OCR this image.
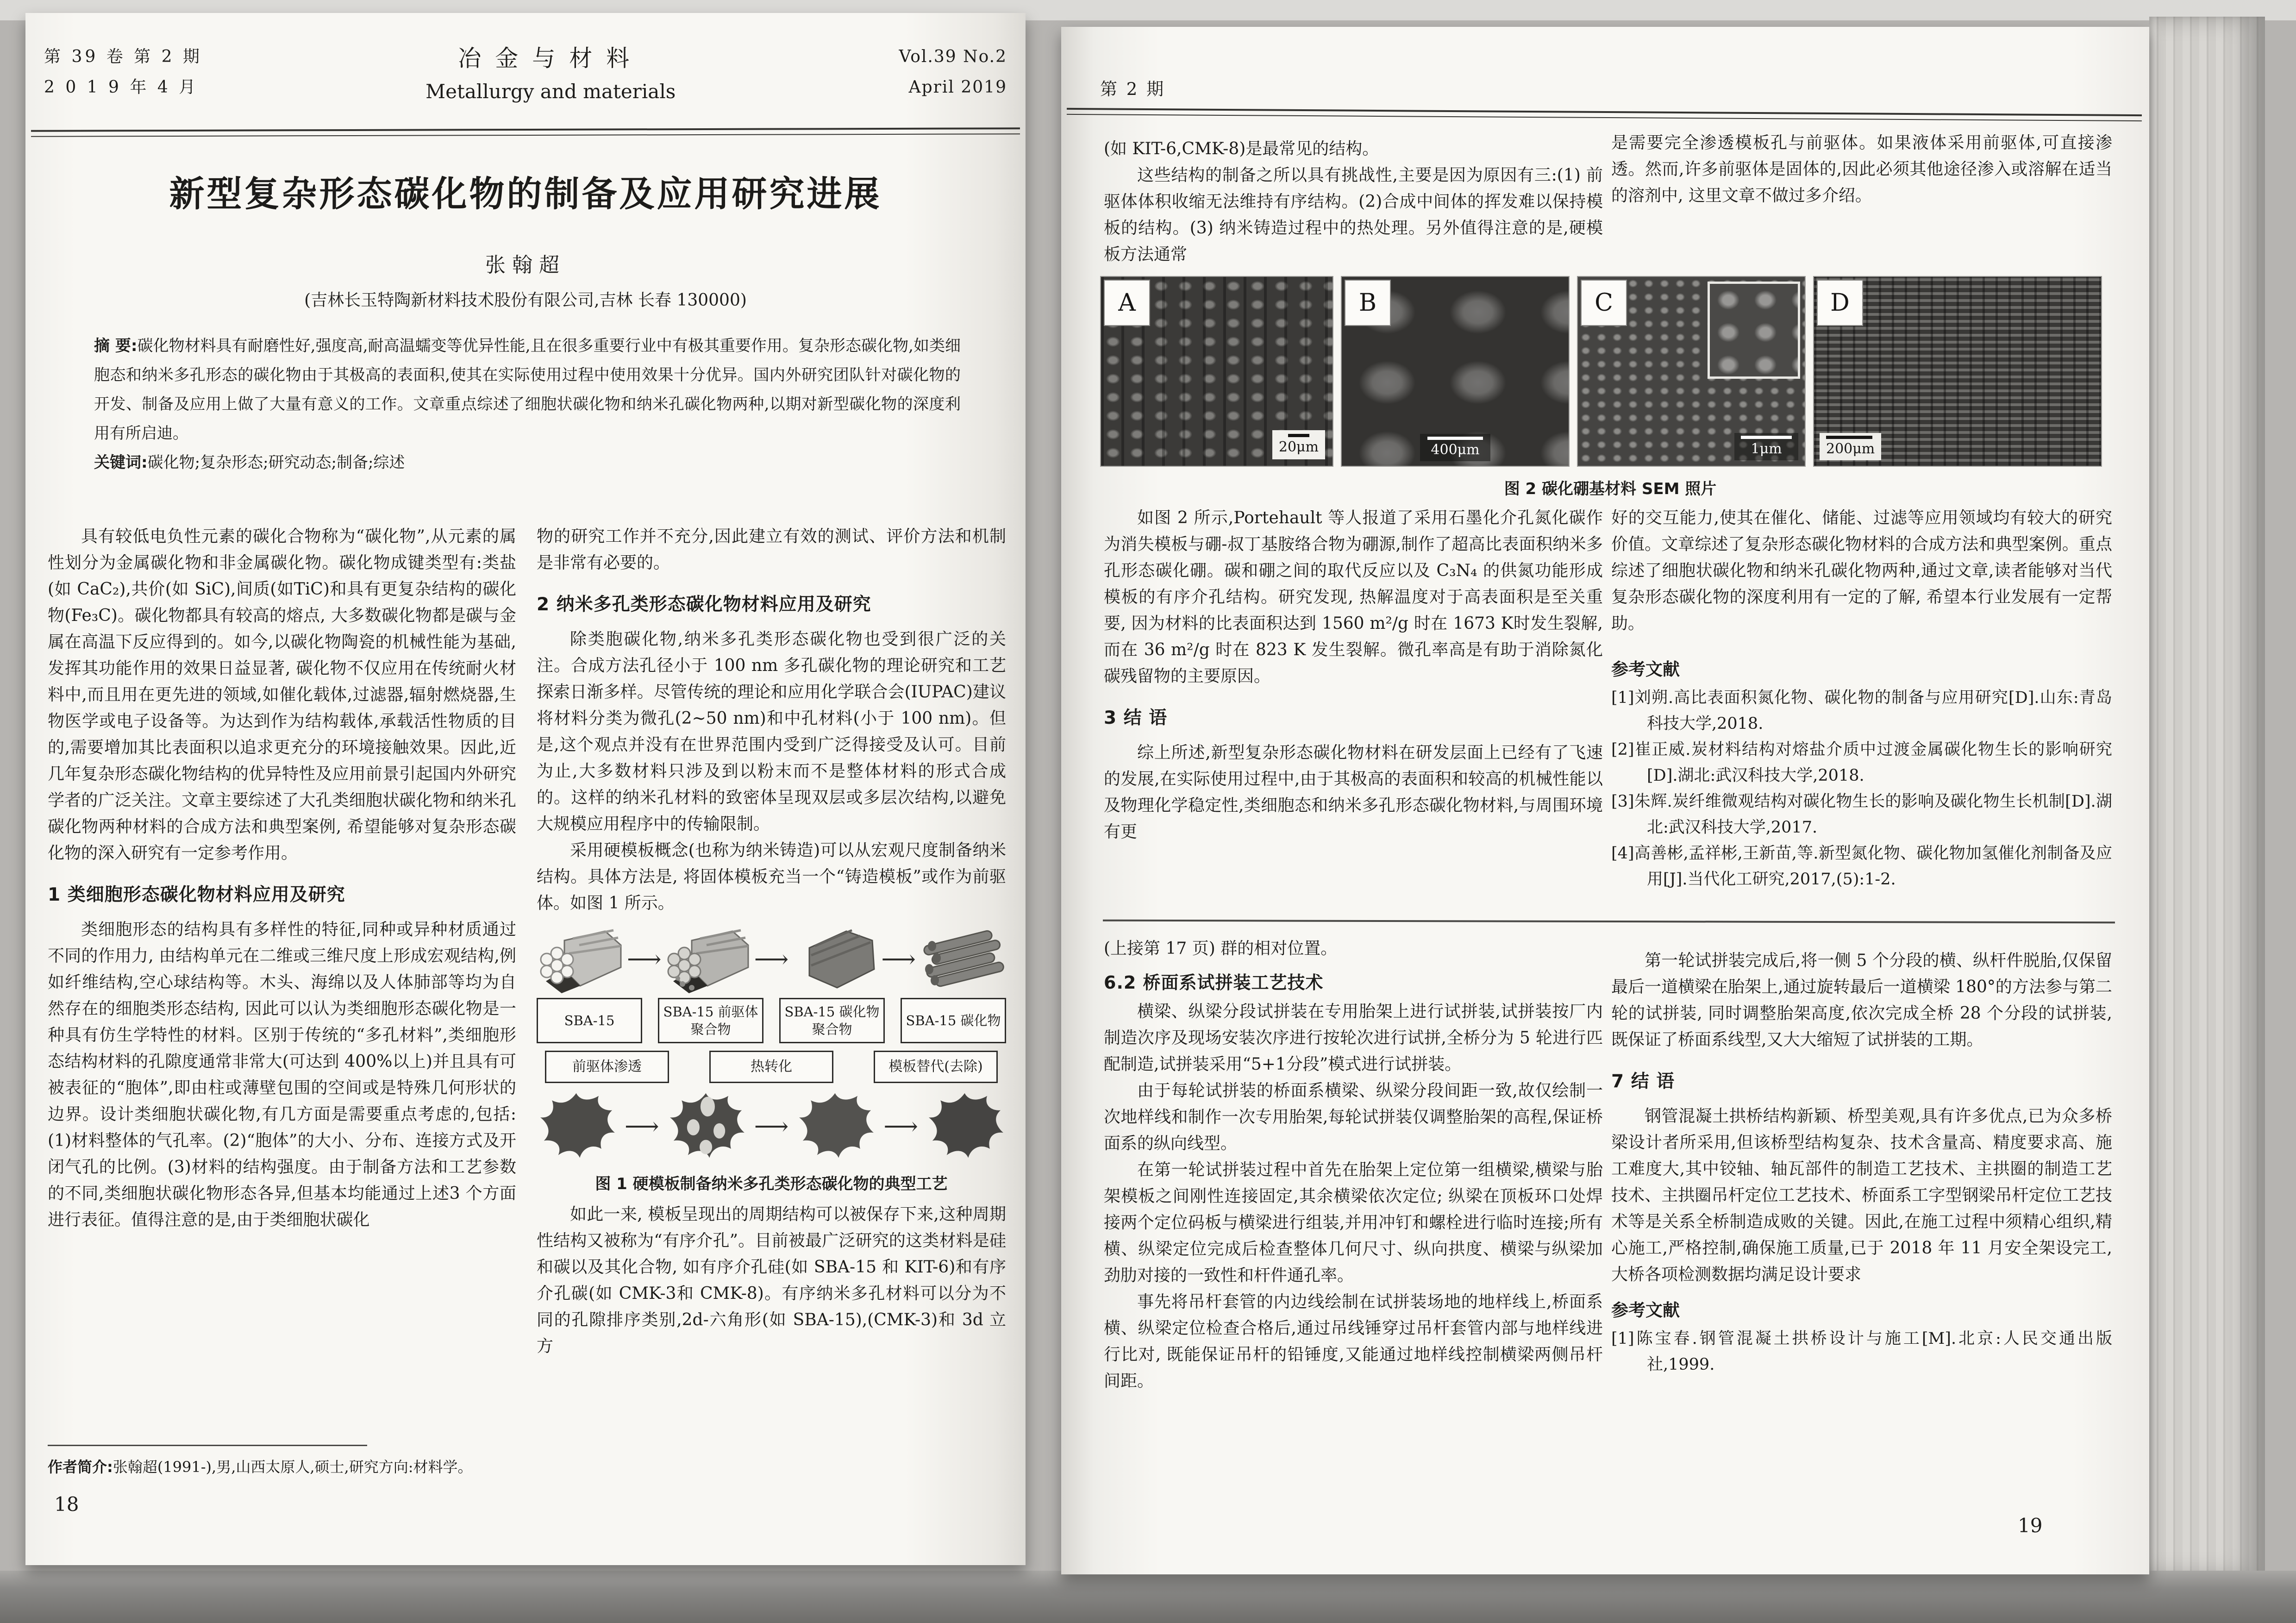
第 39 卷 第 2 期
2 0 1 9 年 4 月
冶金与材料
Metallurgy and materials
Vol.39 No.2
April 2019
新型复杂形态碳化物的制备及应用研究进展
张翰超
(吉林长玉特陶新材料技术股份有限公司,吉林 长春 130000)

摘 要:碳化物材料具有耐磨性好,强度高,耐高温蠕变等优异性能,且在很多重要行业中有极其重要作用。复杂形态碳化物,如类细胞态和纳米多孔形态的碳化物由于其极高的表面积,使其在实际使用过程中使用效果十分优异。国内外研究团队针对碳化物的开发、制备及应用上做了大量有意义的工作。文章重点综述了细胞状碳化物和纳米孔碳化物两种,以期对新型碳化物的深度利用有所启迪。

关键词:碳化物;复杂形态;研究动态;制备;综述

具有较低电负性元素的碳化合物称为“碳化物”,从元素的属性划分为金属碳化物和非金属碳化物。碳化物成键类型有:类盐(如 CaC₂),共价(如 SiC),间质(如TiC)和具有更复杂结构的碳化物(Fe₃C)。碳化物都具有较高的熔点, 大多数碳化物都是碳与金属在高温下反应得到的。如今,以碳化物陶瓷的机械性能为基础,发挥其功能作用的效果日益显著, 碳化物不仅应用在传统耐火材料中,而且用在更先进的领域,如催化载体,过滤器,辐射燃烧器,生物医学或电子设备等。为达到作为结构载体,承载活性物质的目的,需要增加其比表面积以追求更充分的环境接触效果。因此,近几年复杂形态碳化物结构的优异特性及应用前景引起国内外研究学者的广泛关注。文章主要综述了大孔类细胞状碳化物和纳米孔碳化物两种材料的合成方法和典型案例, 希望能够对复杂形态碳化物的深入研究有一定参考作用。

1 类细胞形态碳化物材料应用及研究

类细胞形态的结构具有多样性的特征,同种或异种材质通过不同的作用力, 由结构单元在二维或三维尺度上形成宏观结构,例如纤维结构,空心球结构等。木头、海绵以及人体肺部等均为自然存在的细胞类形态结构, 因此可以认为类细胞形态碳化物是一种具有仿生学特性的材料。区别于传统的“多孔材料”,类细胞形态结构材料的孔隙度通常非常大(可达到 400%以上)并且具有可被表征的“胞体”,即由柱或薄壁包围的空间或是特殊几何形状的边界。设计类细胞状碳化物,有几方面是需要重点考虑的,包括:(1)材料整体的气孔率。(2)“胞体”的大小、分布、连接方式及开闭气孔的比例。(3)材料的结构强度。由于制备方法和工艺参数的不同,类细胞状碳化物形态各异,但基本均能通过上述3 个方面进行表征。值得注意的是,由于类细胞状碳化

物的研究工作并不充分,因此建立有效的测试、评价方法和机制是非常有必要的。

2 纳米多孔类形态碳化物材料应用及研究

除类胞碳化物,纳米多孔类形态碳化物也受到很广泛的关注。合成方法孔径小于 100 nm 多孔碳化物的理论研究和工艺探索日渐多样。尽管传统的理论和应用化学联合会(IUPAC)建议将材料分类为微孔(2~50 nm)和中孔材料(小于 100 nm)。但是,这个观点并没有在世界范围内受到广泛得接受及认可。目前为止,大多数材料只涉及到以粉末而不是整体材料的形式合成的。这样的纳米孔材料的致密体呈现双层或多层次结构,以避免大规模应用程序中的传输限制。

采用硬模板概念(也称为纳米铸造)可以从宏观尺度制备纳米结构。具体方法是, 将固体模板充当一个“铸造模板”或作为前驱体。如图 1 所示。

⟶	⟶	⟶
SBA-15
SBA-15 前驱体聚合物
SBA-15 碳化物聚合物
SBA-15 碳化物
前驱体渗透	热转化	模板替代(去除)
⟶	⟶	⟶
图 1 硬模板制备纳米多孔类形态碳化物的典型工艺

如此一来, 模板呈现出的周期结构可以被保存下来,这种周期性结构又被称为“有序介孔”。目前被最广泛研究的这类材料是硅和碳以及其化合物, 如有序介孔硅(如 SBA-15 和 KIT-6)和有序介孔碳(如 CMK-3和 CMK-8)。有序纳米多孔材料可以分为不同的孔隙排序类别,2d-六角形(如 SBA-15),(CMK-3)和 3d 立方

作者简介:张翰超(1991-),男,山西太原人,硕士,研究方向:材料学。
18
第 2 期

(如 KIT-6,CMK-8)是最常见的结构。

这些结构的制备之所以具有挑战性,主要是因为原因有三:(1) 前驱体体积收缩无法维持有序结构。(2)合成中间体的挥发难以保持模板的结构。(3) 纳米铸造过程中的热处理。另外值得注意的是,硬模板方法通常

是需要完全渗透模板孔与前驱体。如果液体采用前驱体,可直接渗透。然而,许多前驱体是固体的,因此必须其他途径渗入或溶解在适当的溶剂中, 这里文章不做过多介绍。

A
20μm
B
400μm
C
1μm
D
200μm
图 2 碳化硼基材料 SEM 照片

如图 2 所示,Portehault 等人报道了采用石墨化介孔氮化碳作为消失模板与硼-叔丁基胺络合物为硼源,制作了超高比表面积纳米多孔形态碳化硼。碳和硼之间的取代反应以及 C₃N₄ 的供氮功能形成模板的有序介孔结构。研究发现, 热解温度对于高表面积是至关重要, 因为材料的比表面积达到 1560 m²/g 时在 1673 K时发生裂解,而在 36 m²/g 时在 823 K 发生裂解。微孔率高是有助于消除氮化碳残留物的主要原因。

3 结 语

综上所述,新型复杂形态碳化物材料在研发层面上已经有了飞速的发展,在实际使用过程中,由于其极高的表面积和较高的机械性能以及物理化学稳定性,类细胞态和纳米多孔形态碳化物材料,与周围环境有更

好的交互能力,使其在催化、储能、过滤等应用领域均有较大的研究价值。文章综述了复杂形态碳化物材料的合成方法和典型案例。重点综述了细胞状碳化物和纳米孔碳化物两种,通过文章,读者能够对当代复杂形态碳化物的深度利用有一定的了解, 希望本行业发展有一定帮助。

参考文献

[1]刘朔.高比表面积氮化物、碳化物的制备与应用研究[D].山东:青岛科技大学,2018.

[2]崔正威.炭材料结构对熔盐介质中过渡金属碳化物生长的影响研究[D].湖北:武汉科技大学,2018.

[3]朱辉.炭纤维微观结构对碳化物生长的影响及碳化物生长机制[D].湖北:武汉科技大学,2017.

[4]高善彬,孟祥彬,王新苗,等.新型氮化物、碳化物加氢催化剂制备及应用[J].当代化工研究,2017,(5):1-2.

(上接第 17 页) 群的相对位置。

6.2 桥面系试拼装工艺技术

横梁、纵梁分段试拼装在专用胎架上进行试拼装,试拼装按厂内制造次序及现场安装次序进行按轮次进行试拼,全桥分为 5 轮进行匹配制造,试拼装采用“5+1分段”模式进行试拼装。

由于每轮试拼装的桥面系横梁、纵梁分段间距一致,故仅绘制一次地样线和制作一次专用胎架,每轮试拼装仅调整胎架的高程,保证桥面系的纵向线型。

在第一轮试拼装过程中首先在胎架上定位第一组横梁,横梁与胎架模板之间刚性连接固定,其余横梁依次定位; 纵梁在顶板环口处焊接两个定位码板与横梁进行组装,并用冲钉和螺栓进行临时连接;所有横、纵梁定位完成后检查整体几何尺寸、纵向拱度、横梁与纵梁加劲肋对接的一致性和杆件通孔率。

事先将吊杆套管的内边线绘制在试拼装场地的地样线上,桥面系横、纵梁定位检查合格后,通过吊线锤穿过吊杆套管内部与地样线进行比对, 既能保证吊杆的铅锤度,又能通过地样线控制横梁两侧吊杆间距。

第一轮试拼装完成后,将一侧 5 个分段的横、纵杆件脱胎,仅保留最后一道横梁在胎架上,通过旋转最后一道横梁 180°的方法参与第二轮的试拼装, 同时调整胎架高度,依次完成全桥 28 个分段的试拼装,既保证了桥面系线型,又大大缩短了试拼装的工期。

7 结 语

钢管混凝土拱桥结构新颖、桥型美观,具有许多优点,已为众多桥梁设计者所采用,但该桥型结构复杂、技术含量高、精度要求高、施工难度大,其中铰轴、轴瓦部件的制造工艺技术、主拱圈的制造工艺技术、主拱圈吊杆定位工艺技术、桥面系工字型钢梁吊杆定位工艺技术等是关系全桥制造成败的关键。因此,在施工过程中须精心组织,精心施工,严格控制,确保施工质量,已于 2018 年 11 月安全架设完工,大桥各项检测数据均满足设计要求

参考文献

[1]陈宝春.钢管混凝土拱桥设计与施工[M].北京:人民交通出版社,1999.

19
